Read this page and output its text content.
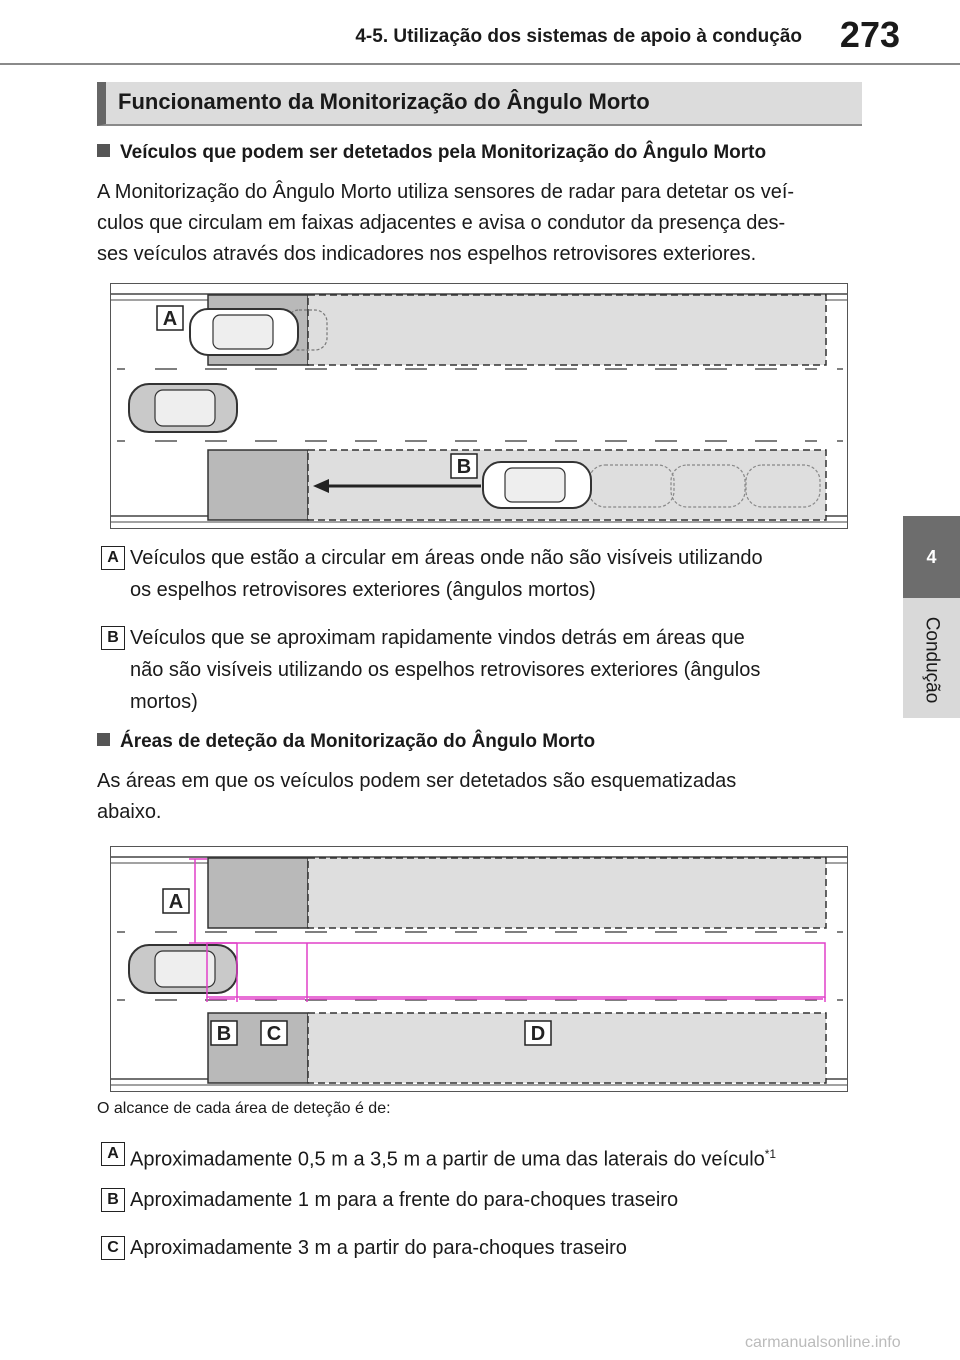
4-5. Utilização dos sistemas de apoio à condução	273
4
Condução
Funcionamento da Monitorização do Ângulo Morto
Veículos que podem ser detetados pela Monitorização do Ângulo Morto
A Monitorização do Ângulo Morto utiliza sensores de radar para detetar os veí-
culos que circulam em faixas adjacentes e avisa o condutor da presença des-
ses veículos através dos indicadores nos espelhos retrovisores exteriores.
A
B
A Veículos que estão a circular em áreas onde não são visíveis utilizando
os espelhos retrovisores exteriores (ângulos mortos)
B Veículos que se aproximam rapidamente vindos detrás em áreas que
não são visíveis utilizando os espelhos retrovisores exteriores (ângulos
mortos)
Áreas de deteção da Monitorização do Ângulo Morto
As áreas em que os veículos podem ser detetados são esquematizadas
abaixo.
A
B C	D
O alcance de cada área de deteção é de:
A Aproximadamente 0,5 m a 3,5 m a partir de uma das laterais do veículo$^{*1}$
B Aproximadamente 1 m para a frente do para-choques traseiro
C Aproximadamente 3 m a partir do para-choques traseiro
carmanualsonline.info
